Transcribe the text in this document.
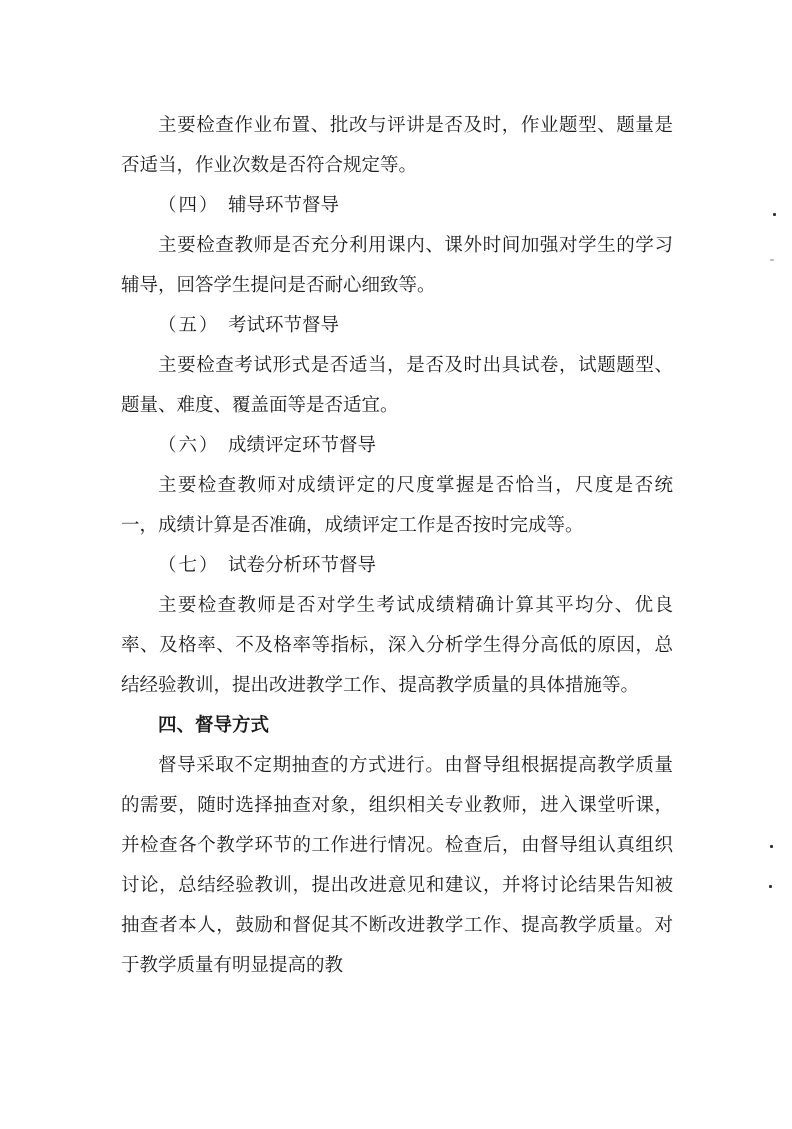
主要检查作业布置、批改与评讲是否及时，作业题型、题量是否适当，作业次数是否符合规定等。

（四） 辅导环节督导

主要检查教师是否充分利用课内、课外时间加强对学生的学习辅导，回答学生提问是否耐心细致等。

（五） 考试环节督导

主要检查考试形式是否适当，是否及时出具试卷，试题题型、题量、难度、覆盖面等是否适宜。

（六） 成绩评定环节督导

主要检查教师对成绩评定的尺度掌握是否恰当，尺度是否统一，成绩计算是否准确，成绩评定工作是否按时完成等。

（七） 试卷分析环节督导

主要检查教师是否对学生考试成绩精确计算其平均分、优良率、及格率、不及格率等指标，深入分析学生得分高低的原因，总结经验教训，提出改进教学工作、提高教学质量的具体措施等。

四、督导方式

督导采取不定期抽查的方式进行。由督导组根据提高教学质量的需要，随时选择抽查对象，组织相关专业教师，进入课堂听课，并检查各个教学环节的工作进行情况。检查后，由督导组认真组织讨论，总结经验教训，提出改进意见和建议，并将讨论结果告知被抽查者本人，鼓励和督促其不断改进教学工作、提高教学质量。对于教学质量有明显提高的教
